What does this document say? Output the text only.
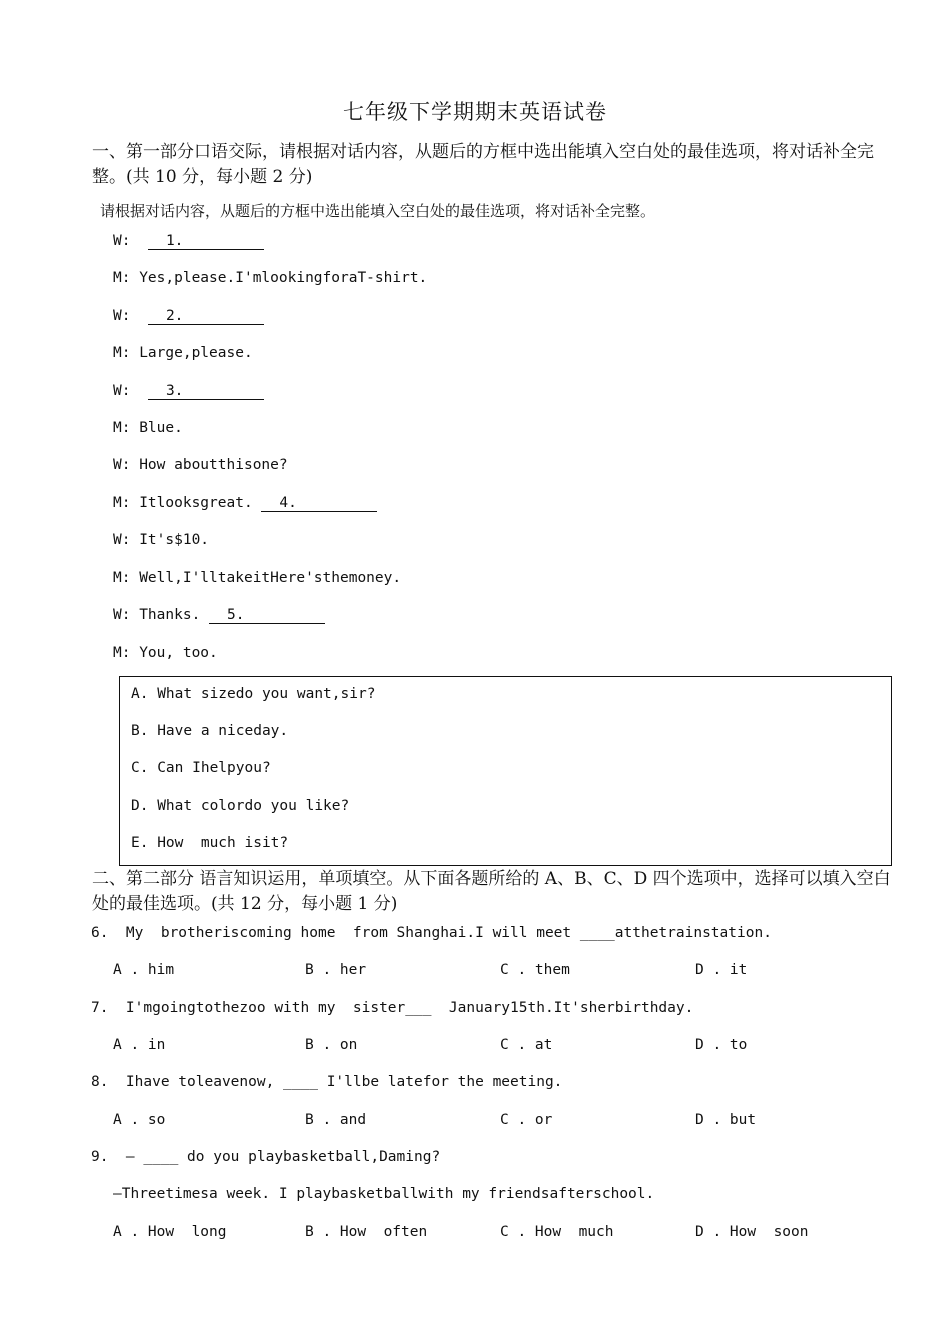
七年级下学期期末英语试卷
一、第一部分口语交际，请根据对话内容，从题后的方框中选出能填入空白处的最佳选项，将对话补全完整。(共 10 分，每小题 2 分)
请根据对话内容，从题后的方框中选出能填入空白处的最佳选项，将对话补全完整。
W:  1.
M: Yes,please.I'mlookingforaT-shirt.
W:  2.
M: Large,please.
W:  3.
M: Blue.
W: How aboutthisone?
M: Itlooksgreat. 4.
W: It's$10.
M: Well,I'lltakeitHere'sthemoney.
W: Thanks. 5.
M: You, too.
A. What sizedo you want,sir?
B. Have a niceday.
C. Can Ihelpyou?
D. What colordo you like?
E. How  much isit?
二、第二部分 语言知识运用，单项填空。从下面各题所给的 A、B、C、D 四个选项中，选择可以填入空白处的最佳选项。(共 12 分，每小题 1 分)
6.  My  brotheriscoming home  from Shanghai.I will meet ____atthetrainstation.
A . him	B . her	C . them	D . it
7.  I'mgoingtothezoo with my  sister___  January15th.It'sherbirthday.
A . in	B . on	C . at	D . to
8.  Ihave toleavenow, ____ I'llbe latefor the meeting.
A . so	B . and	C . or	D . but
9.  — ____ do you playbasketball,Daming?
—Threetimesa week. I playbasketballwith my friendsafterschool.
A . How  long	B . How  often	C . How  much	D . How  soon
